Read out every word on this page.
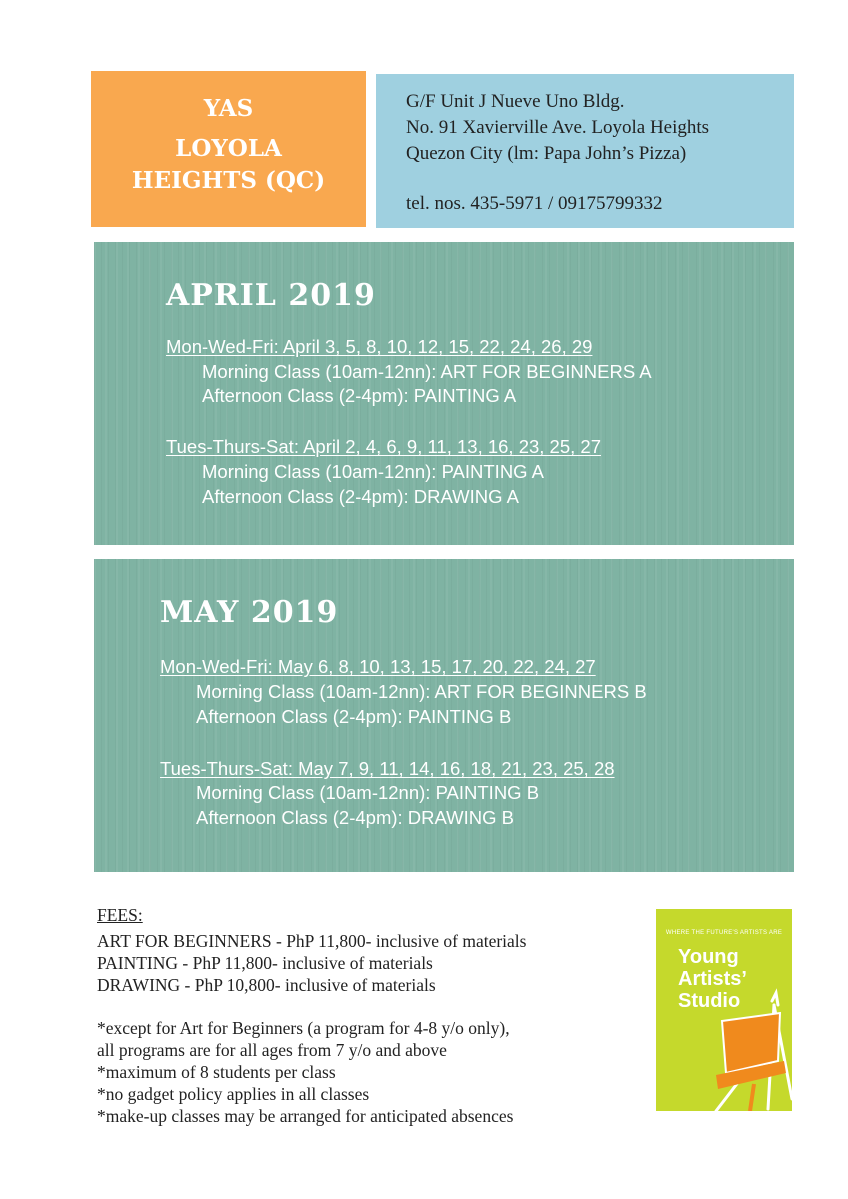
YAS
LOYOLA
HEIGHTS (QC)
G/F Unit J Nueve Uno Bldg.
No. 91 Xavierville Ave. Loyola Heights
Quezon City (lm: Papa John’s Pizza)
tel. nos. 435-5971 / 09175799332
APRIL 2019
Mon-Wed-Fri: April 3, 5, 8, 10, 12, 15, 22, 24, 26, 29
Morning Class (10am-12nn): ART FOR BEGINNERS A
Afternoon Class (2-4pm): PAINTING A
Tues-Thurs-Sat: April 2, 4, 6, 9, 11, 13, 16, 23, 25, 27
Morning Class (10am-12nn): PAINTING A
Afternoon Class (2-4pm): DRAWING A
MAY 2019
Mon-Wed-Fri: May 6, 8, 10, 13, 15, 17, 20, 22, 24, 27
Morning Class (10am-12nn): ART FOR BEGINNERS B
Afternoon Class (2-4pm): PAINTING B
Tues-Thurs-Sat: May 7, 9, 11, 14, 16, 18, 21, 23, 25, 28
Morning Class (10am-12nn): PAINTING B
Afternoon Class (2-4pm): DRAWING B
FEES:
ART FOR BEGINNERS - PhP 11,800- inclusive of materials
PAINTING - PhP 11,800- inclusive of materials
DRAWING - PhP 10,800- inclusive of materials
*except for Art for Beginners (a program for 4-8 y/o only),
all programs are for all ages from 7 y/o and above
*maximum of 8 students per class
*no gadget policy applies in all classes
*make-up classes may be arranged for anticipated absences
WHERE THE FUTURE'S ARTISTS ARE
Young
Artists’
Studio
